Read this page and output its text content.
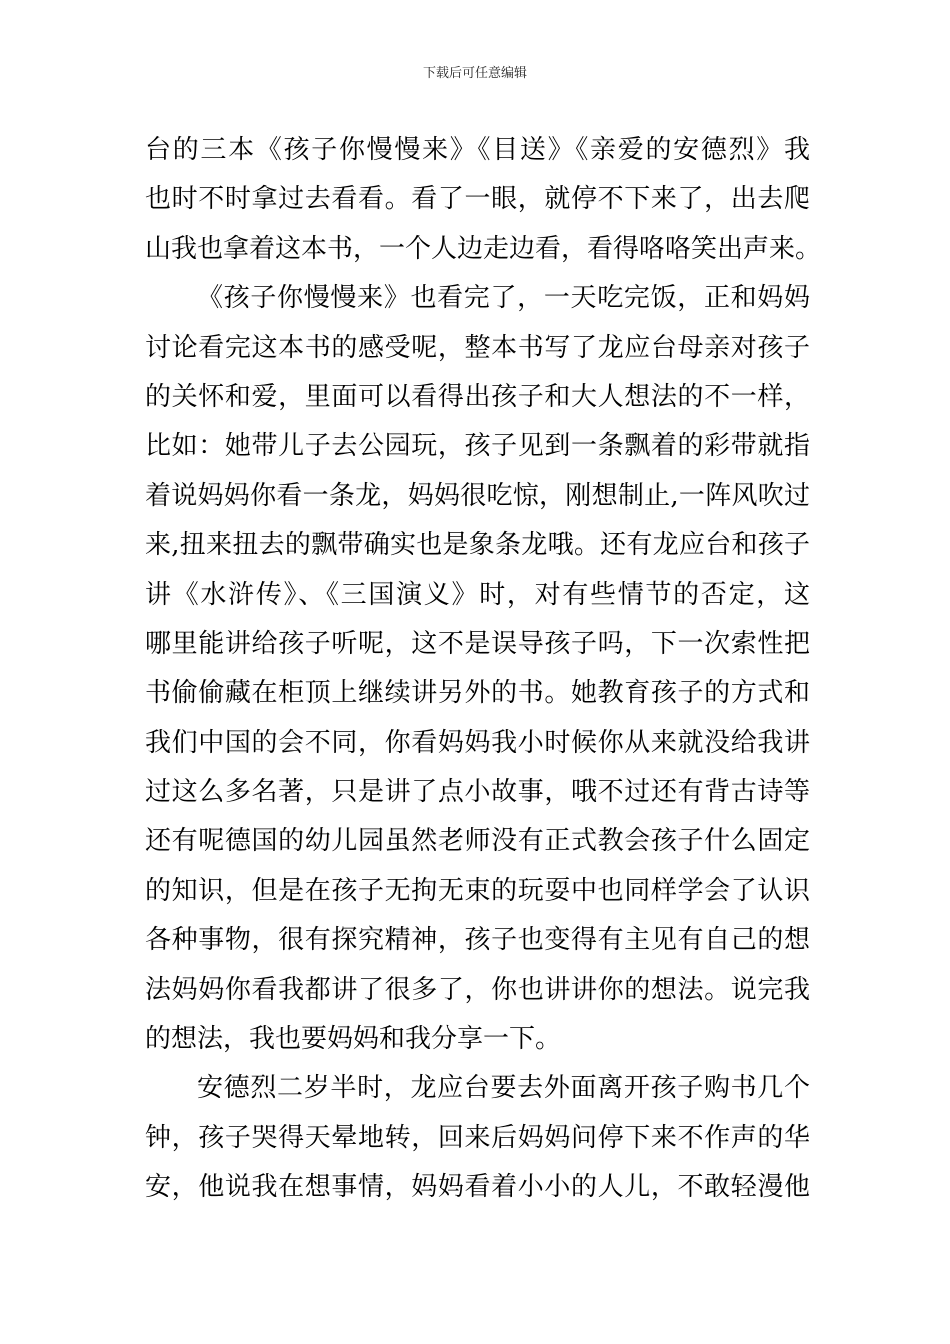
下载后可任意编辑
台的三本《孩子你慢慢来》《目送》《亲爱的安德烈》我
也时不时拿过去看看。看了一眼，就停不下来了，出去爬
山我也拿着这本书，一个人边走边看，看得咯咯笑出声来。
《孩子你慢慢来》也看完了，一天吃完饭，正和妈妈
讨论看完这本书的感受呢，整本书写了龙应台母亲对孩子
的关怀和爱，里面可以看得出孩子和大人想法的不一样，
比如：她带儿子去公园玩，孩子见到一条飘着的彩带就指
着说妈妈你看一条龙，妈妈很吃惊，刚想制止,一阵风吹过
来,扭来扭去的飘带确实也是象条龙哦。还有龙应台和孩子
讲《水浒传》、《三国演义》时，对有些情节的否定，这
哪里能讲给孩子听呢，这不是误导孩子吗，下一次索性把
书偷偷藏在柜顶上继续讲另外的书。她教育孩子的方式和
我们中国的会不同，你看妈妈我小时候你从来就没给我讲
过这么多名著，只是讲了点小故事，哦不过还有背古诗等
还有呢德国的幼儿园虽然老师没有正式教会孩子什么固定
的知识，但是在孩子无拘无束的玩耍中也同样学会了认识
各种事物，很有探究精神，孩子也变得有主见有自己的想
法妈妈你看我都讲了很多了，你也讲讲你的想法。说完我
的想法，我也要妈妈和我分享一下。
安德烈二岁半时，龙应台要去外面离开孩子购书几个
钟，孩子哭得天晕地转，回来后妈妈问停下来不作声的华
安，他说我在想事情，妈妈看着小小的人儿，不敢轻漫他
